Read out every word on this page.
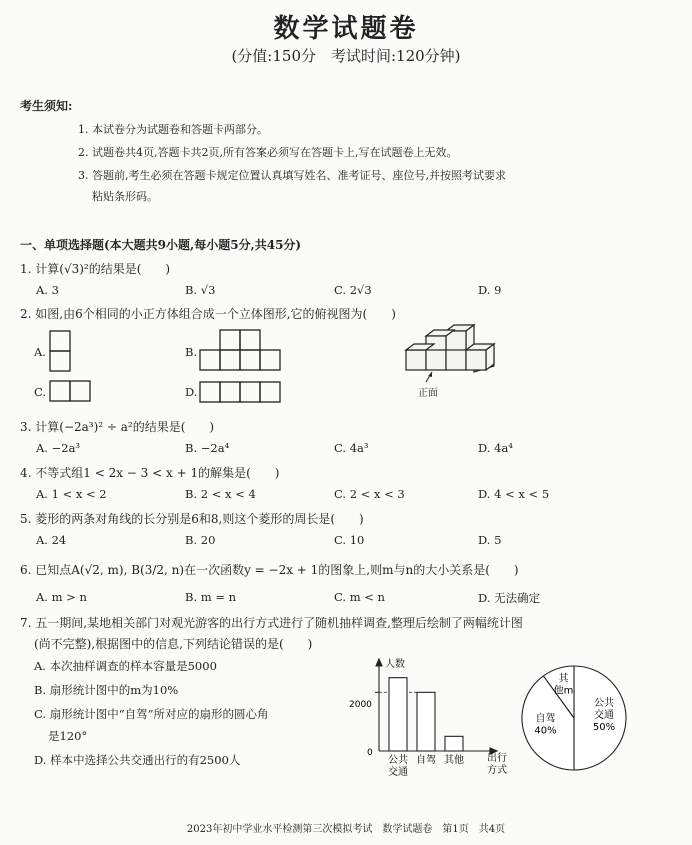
数学试题卷
(分值:150分　考试时间:120分钟)
考生须知:
1. 本试卷分为试题卷和答题卡两部分。
2. 试题卷共4页,答题卡共2页,所有答案必须写在答题卡上,写在试题卷上无效。
3. 答题前,考生必须在答题卡规定位置认真填写姓名、准考证号、座位号,并按照考试要求
粘贴条形码。
一、单项选择题(本大题共9小题,每小题5分,共45分)
1. 计算(√3)²的结果是(　　)
A. 3	B. √3	C. 2√3	D. 9
2. 如图,由6个相同的小正方体组合成一个立体图形,它的俯视图为(　　)
A.	B.
C.	D.	正面
3. 计算(−2a³)² ÷ a²的结果是(　　)
A. −2a³	B. −2a⁴	C. 4a³	D. 4a⁴
4. 不等式组1 < 2x − 3 < x + 1的解集是(　　)
A. 1 < x < 2	B. 2 < x < 4	C. 2 < x < 3	D. 4 < x < 5
5. 菱形的两条对角线的长分别是6和8,则这个菱形的周长是(　　)
A. 24	B. 20	C. 10	D. 5
6. 已知点A(√2, m), B(3/2, n)在一次函数y = −2x + 1的图象上,则m与n的大小关系是(　　)
A. m > n	B. m = n	C. m < n	D. 无法确定
7. 五一期间,某地相关部门对观光游客的出行方式进行了随机抽样调查,整理后绘制了两幅统计图
(尚不完整),根据图中的信息,下列结论错误的是(　　)
A. 本次抽样调查的样本容量是5000
B. 扇形统计图中的m为10%
C. 扇形统计图中“自驾”所对应的扇形的圆心角
是120°
D. 样本中选择公共交通出行的有2500人
人数
0
2000
公共
交通
自驾 其他 出行
方式
公共
交通
50%
自驾
40%
其
他m
2023年初中学业水平检测第三次模拟考试　数学试题卷　第1页　共4页
